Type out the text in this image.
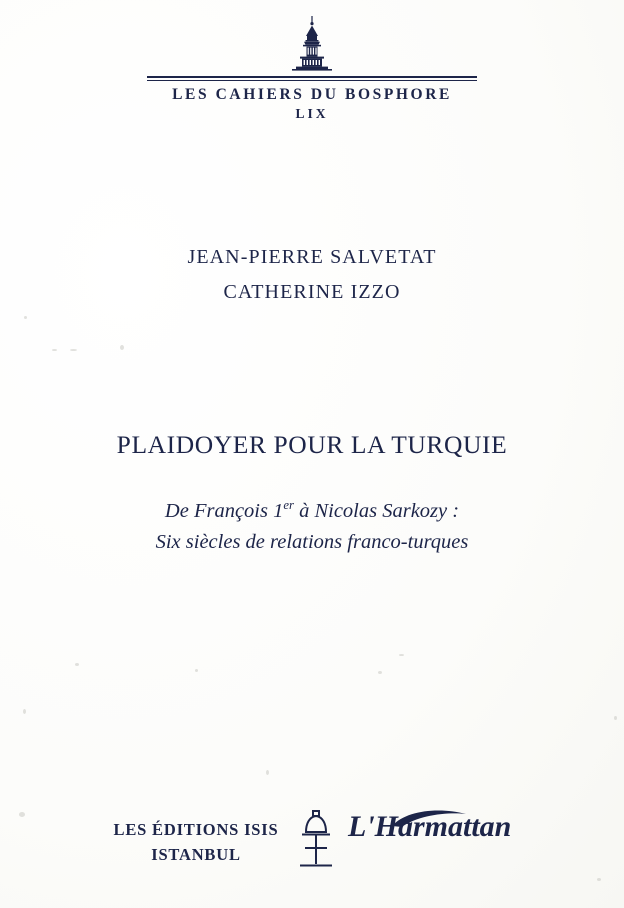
LES CAHIERS DU BOSPHORE
LIX
JEAN-PIERRE SALVETAT
CATHERINE IZZO
PLAIDOYER POUR LA TURQUIE
De François 1er à Nicolas Sarkozy :
Six siècles de relations franco-turques
LES ÉDITIONS ISIS
ISTANBUL
L'Harmattan
